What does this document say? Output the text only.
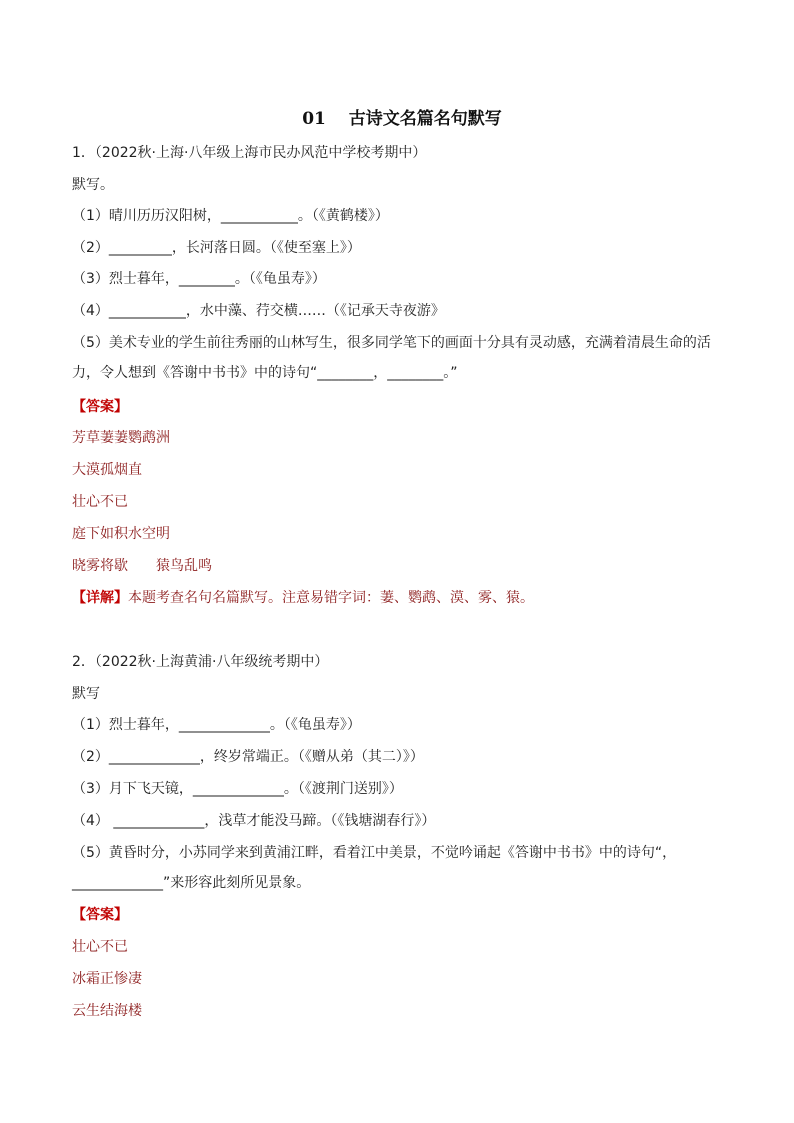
01　 古诗文名篇名句默写
1．（2022秋·上海·八年级上海市民办风范中学校考期中）
默写。
（1）晴川历历汉阳树，___________。（《黄鹤楼》）
（2）_________，长河落日圆。（《使至塞上》）
（3）烈士暮年，________。（《龟虽寿》）
（4）___________，水中藻、荇交横……（《记承天寺夜游》
（5）美术专业的学生前往秀丽的山林写生，很多同学笔下的画面十分具有灵动感，充满着清晨生命的活力，令人想到《答谢中书书》中的诗句“________，________。”
【答案】
芳草萋萋鹦鹉洲
大漠孤烟直
壮心不已
庭下如积水空明
晓雾将歇　　猿鸟乱鸣
【详解】本题考查名句名篇默写。注意易错字词：萋、鹦鹉、漠、雾、猿。
2．（2022秋·上海黄浦·八年级统考期中）
默写
（1）烈士暮年，_____________。（《龟虽寿》）
（2）_____________，终岁常端正。（《赠从弟（其二）》）
（3）月下飞天镜，_____________。（《渡荆门送别》）
（4） _____________，浅草才能没马蹄。（《钱塘湖春行》）
（5）黄昏时分，小苏同学来到黄浦江畔，看着江中美景，不觉吟诵起《答谢中书书》中的诗句“，_____________”来形容此刻所见景象。
【答案】
壮心不已
冰霜正惨凄
云生结海楼
